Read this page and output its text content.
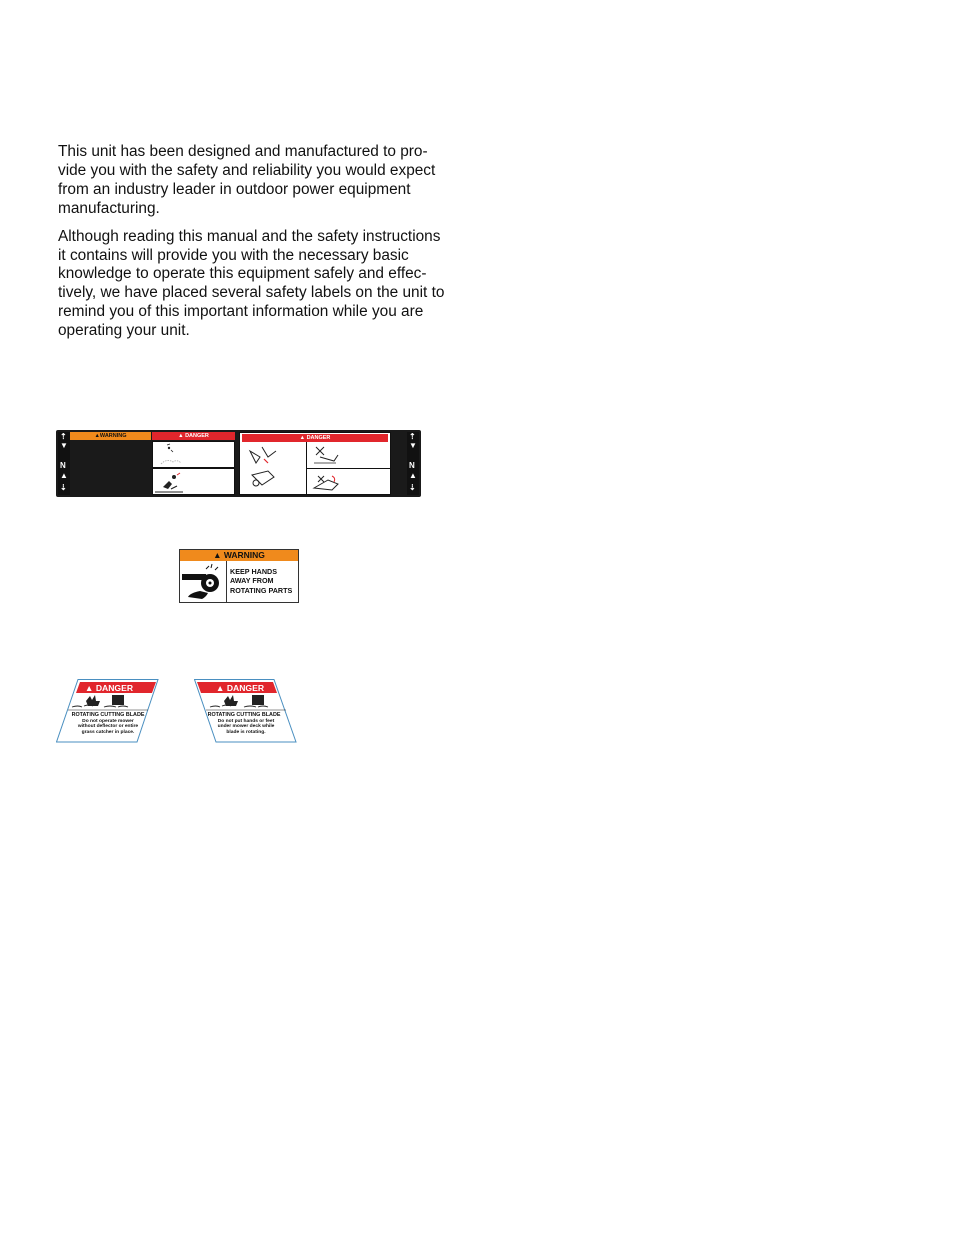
This unit has been designed and manufactured to pro-
vide you with the safety and reliability you would expect
from an industry leader in outdoor power equipment
manufacturing.

Although reading this manual and the safety instructions
it contains will provide you with the necessary basic
knowledge to operate this equipment safely and effec-
tively, we have placed several safety labels on the unit to
remind you of this important information while you are
operating your unit.

⇡
▼
N
▲
⇣
▲WARNING	▲ DANGER	▲ DANGER	⇡
▼
N
▲
⇣
▲ WARNING
KEEP HANDS
AWAY FROM
ROTATING PARTS
▲ DANGER
ROTATING CUTTING BLADE
Do not operate mower
without deflector or entire
grass catcher in place.
▲ DANGER
ROTATING CUTTING BLADE
Do not put hands or feet
under mower deck while
blade is rotating.
